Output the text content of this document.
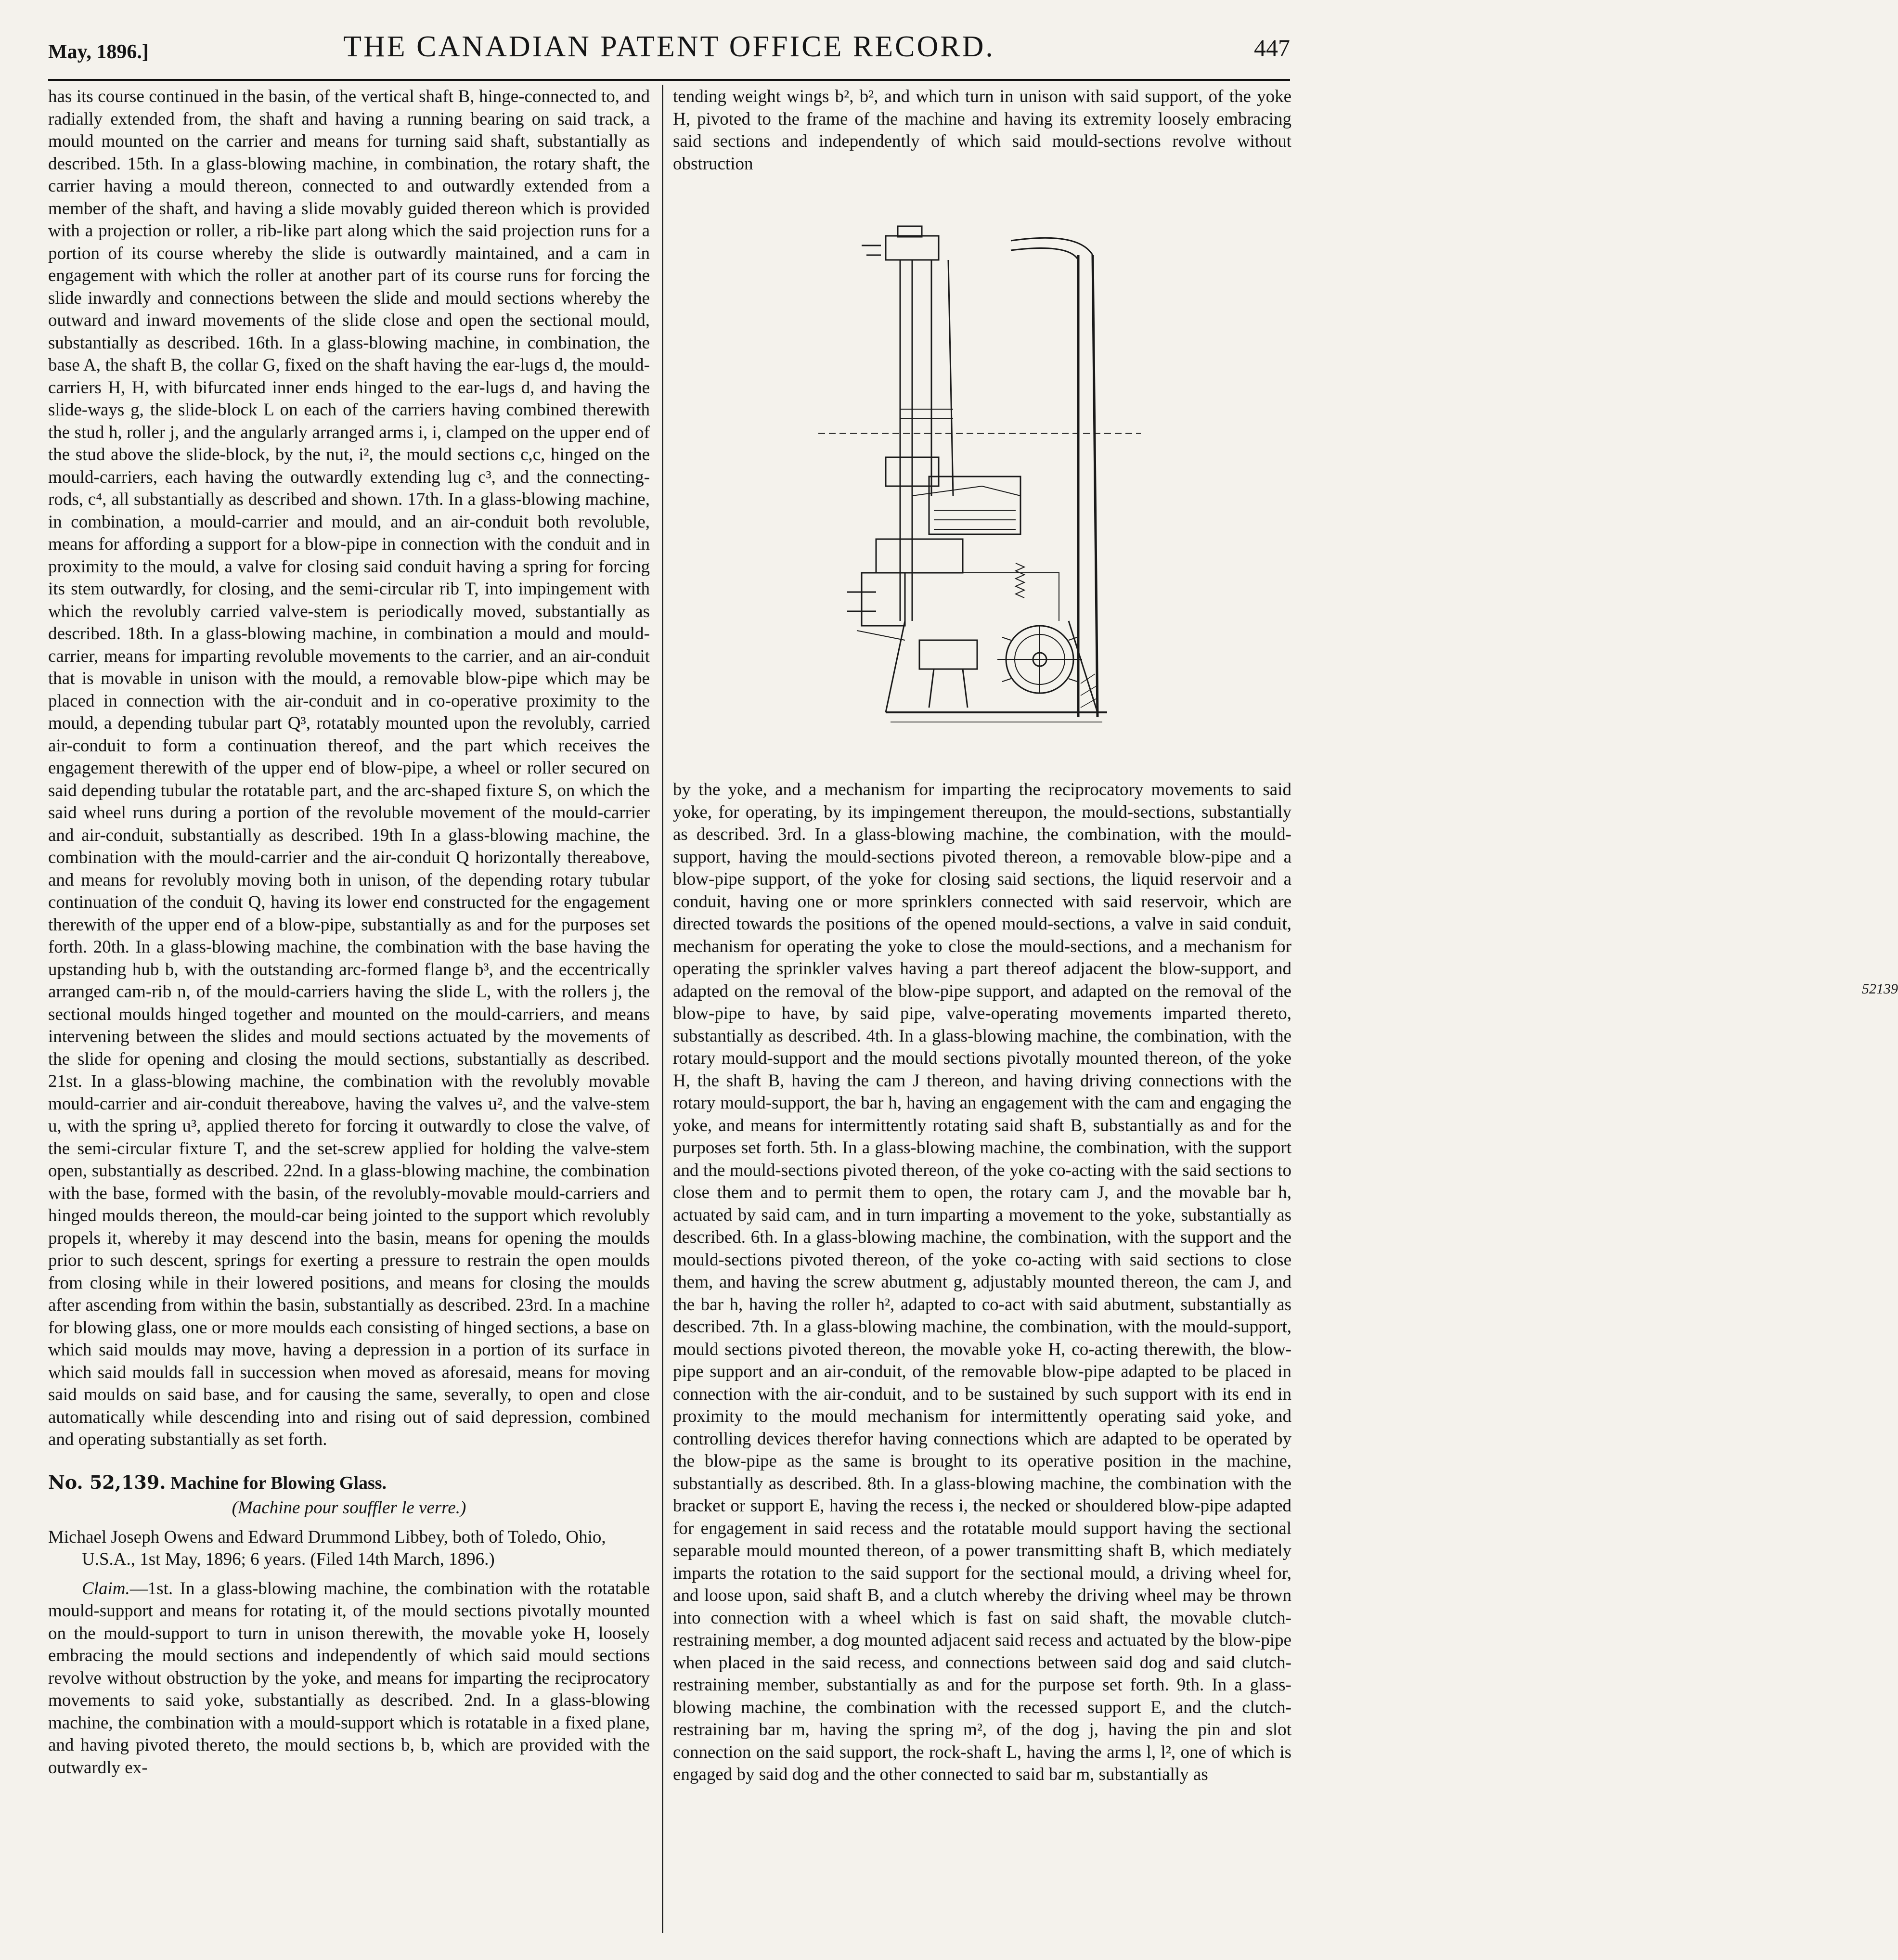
May, 1896.]	THE CANADIAN PATENT OFFICE RECORD.	447

has its course continued in the basin, of the vertical shaft B, hinge-connected to, and radially extended from, the shaft and having a running bearing on said track, a mould mounted on the carrier and means for turning said shaft, substantially as described. 15th. In a glass-blowing machine, in combination, the rotary shaft, the carrier having a mould thereon, connected to and outwardly extended from a member of the shaft, and having a slide movably guided thereon which is provided with a projection or roller, a rib-like part along which the said projection runs for a portion of its course whereby the slide is outwardly maintained, and a cam in engagement with which the roller at another part of its course runs for forcing the slide inwardly and connections between the slide and mould sections whereby the outward and inward movements of the slide close and open the sectional mould, substantially as described. 16th. In a glass-blowing machine, in combination, the base A, the shaft B, the collar G, fixed on the shaft having the ear-lugs d, the mould-carriers H, H, with bifurcated inner ends hinged to the ear-lugs d, and having the slide-ways g, the slide-block L on each of the carriers having combined therewith the stud h, roller j, and the angularly arranged arms i, i, clamped on the upper end of the stud above the slide-block, by the nut, i², the mould sections c,c, hinged on the mould-carriers, each having the outwardly extending lug c³, and the connecting-rods, c⁴, all substantially as described and shown. 17th. In a glass-blowing machine, in combination, a mould-carrier and mould, and an air-conduit both revoluble, means for affording a support for a blow-pipe in connection with the conduit and in proximity to the mould, a valve for closing said conduit having a spring for forcing its stem outwardly, for closing, and the semi-circular rib T, into impingement with which the revolubly carried valve-stem is periodically moved, substantially as described. 18th. In a glass-blowing machine, in combination a mould and mould-carrier, means for imparting revoluble movements to the carrier, and an air-conduit that is movable in unison with the mould, a removable blow-pipe which may be placed in connection with the air-conduit and in co-operative proximity to the mould, a depending tubular part Q³, rotatably mounted upon the revolubly, carried air-conduit to form a continuation thereof, and the part which receives the engagement therewith of the upper end of blow-pipe, a wheel or roller secured on said depending tubular the rotatable part, and the arc-shaped fixture S, on which the said wheel runs during a portion of the revoluble movement of the mould-carrier and air-conduit, substantially as described. 19th In a glass-blowing machine, the combination with the mould-carrier and the air-conduit Q horizontally thereabove, and means for revolubly moving both in unison, of the depending rotary tubular continuation of the conduit Q, having its lower end constructed for the engagement therewith of the upper end of a blow-pipe, substantially as and for the purposes set forth. 20th. In a glass-blowing machine, the combination with the base having the upstanding hub b, with the outstanding arc-formed flange b³, and the eccentrically arranged cam-rib n, of the mould-carriers having the slide L, with the rollers j, the sectional moulds hinged together and mounted on the mould-carriers, and means intervening between the slides and mould sections actuated by the movements of the slide for opening and closing the mould sections, substantially as described. 21st. In a glass-blowing machine, the combination with the revolubly movable mould-carrier and air-conduit thereabove, having the valves u², and the valve-stem u, with the spring u³, applied thereto for forcing it outwardly to close the valve, of the semi-circular fixture T, and the set-screw applied for holding the valve-stem open, substantially as described. 22nd. In a glass-blowing machine, the combination with the base, formed with the basin, of the revolubly-movable mould-carriers and hinged moulds thereon, the mould-car being jointed to the support which revolubly propels it, whereby it may descend into the basin, means for opening the moulds prior to such descent, springs for exerting a pressure to restrain the open moulds from closing while in their lowered positions, and means for closing the moulds after ascending from within the basin, substantially as described. 23rd. In a machine for blowing glass, one or more moulds each consisting of hinged sections, a base on which said moulds may move, having a depression in a portion of its surface in which said moulds fall in succession when moved as aforesaid, means for moving said moulds on said base, and for causing the same, severally, to open and close automatically while descending into and rising out of said depression, combined and operating substantially as set forth.

No. 52,139. Machine for Blowing Glass.

(Machine pour souffler le verre.)

Michael Joseph Owens and Edward Drummond Libbey, both of Toledo, Ohio, U.S.A., 1st May, 1896; 6 years. (Filed 14th March, 1896.)

Claim.—1st. In a glass-blowing machine, the combination with the rotatable mould-support and means for rotating it, of the mould sections pivotally mounted on the mould-support to turn in unison therewith, the movable yoke H, loosely embracing the mould sections and independently of which said mould sections revolve without obstruction by the yoke, and means for imparting the reciprocatory movements to said yoke, substantially as described. 2nd. In a glass-blowing machine, the combination with a mould-support which is rotatable in a fixed plane, and having pivoted thereto, the mould sections b, b, which are provided with the outwardly ex-

tending weight wings b², b², and which turn in unison with said support, of the yoke H, pivoted to the frame of the machine and having its extremity loosely embracing said sections and independently of which said mould-sections revolve without obstruction

52139

by the yoke, and a mechanism for imparting the reciprocatory movements to said yoke, for operating, by its impingement thereupon, the mould-sections, substantially as described. 3rd. In a glass-blowing machine, the combination, with the mould-support, having the mould-sections pivoted thereon, a removable blow-pipe and a blow-pipe support, of the yoke for closing said sections, the liquid reservoir and a conduit, having one or more sprinklers connected with said reservoir, which are directed towards the positions of the opened mould-sections, a valve in said conduit, mechanism for operating the yoke to close the mould-sections, and a mechanism for operating the sprinkler valves having a part thereof adjacent the blow-support, and adapted on the removal of the blow-pipe support, and adapted on the removal of the blow-pipe to have, by said pipe, valve-operating movements imparted thereto, substantially as described. 4th. In a glass-blowing machine, the combination, with the rotary mould-support and the mould sections pivotally mounted thereon, of the yoke H, the shaft B, having the cam J thereon, and having driving connections with the rotary mould-support, the bar h, having an engagement with the cam and engaging the yoke, and means for intermittently rotating said shaft B, substantially as and for the purposes set forth. 5th. In a glass-blowing machine, the combination, with the support and the mould-sections pivoted thereon, of the yoke co-acting with the said sections to close them and to permit them to open, the rotary cam J, and the movable bar h, actuated by said cam, and in turn imparting a movement to the yoke, substantially as described. 6th. In a glass-blowing machine, the combination, with the support and the mould-sections pivoted thereon, of the yoke co-acting with said sections to close them, and having the screw abutment g, adjustably mounted thereon, the cam J, and the bar h, having the roller h², adapted to co-act with said abutment, substantially as described. 7th. In a glass-blowing machine, the combination, with the mould-support, mould sections pivoted thereon, the movable yoke H, co-acting therewith, the blow-pipe support and an air-conduit, of the removable blow-pipe adapted to be placed in connection with the air-conduit, and to be sustained by such support with its end in proximity to the mould mechanism for intermittently operating said yoke, and controlling devices therefor having connections which are adapted to be operated by the blow-pipe as the same is brought to its operative position in the machine, substantially as described. 8th. In a glass-blowing machine, the combination with the bracket or support E, having the recess i, the necked or shouldered blow-pipe adapted for engagement in said recess and the rotatable mould support having the sectional separable mould mounted thereon, of a power transmitting shaft B, which mediately imparts the rotation to the said support for the sectional mould, a driving wheel for, and loose upon, said shaft B, and a clutch whereby the driving wheel may be thrown into connection with a wheel which is fast on said shaft, the movable clutch-restraining member, a dog mounted adjacent said recess and actuated by the blow-pipe when placed in the said recess, and connections between said dog and said clutch-restraining member, substantially as and for the purpose set forth. 9th. In a glass-blowing machine, the combination with the recessed support E, and the clutch-restraining bar m, having the spring m², of the dog j, having the pin and slot connection on the said support, the rock-shaft L, having the arms l, l², one of which is engaged by said dog and the other connected to said bar m, substantially as
